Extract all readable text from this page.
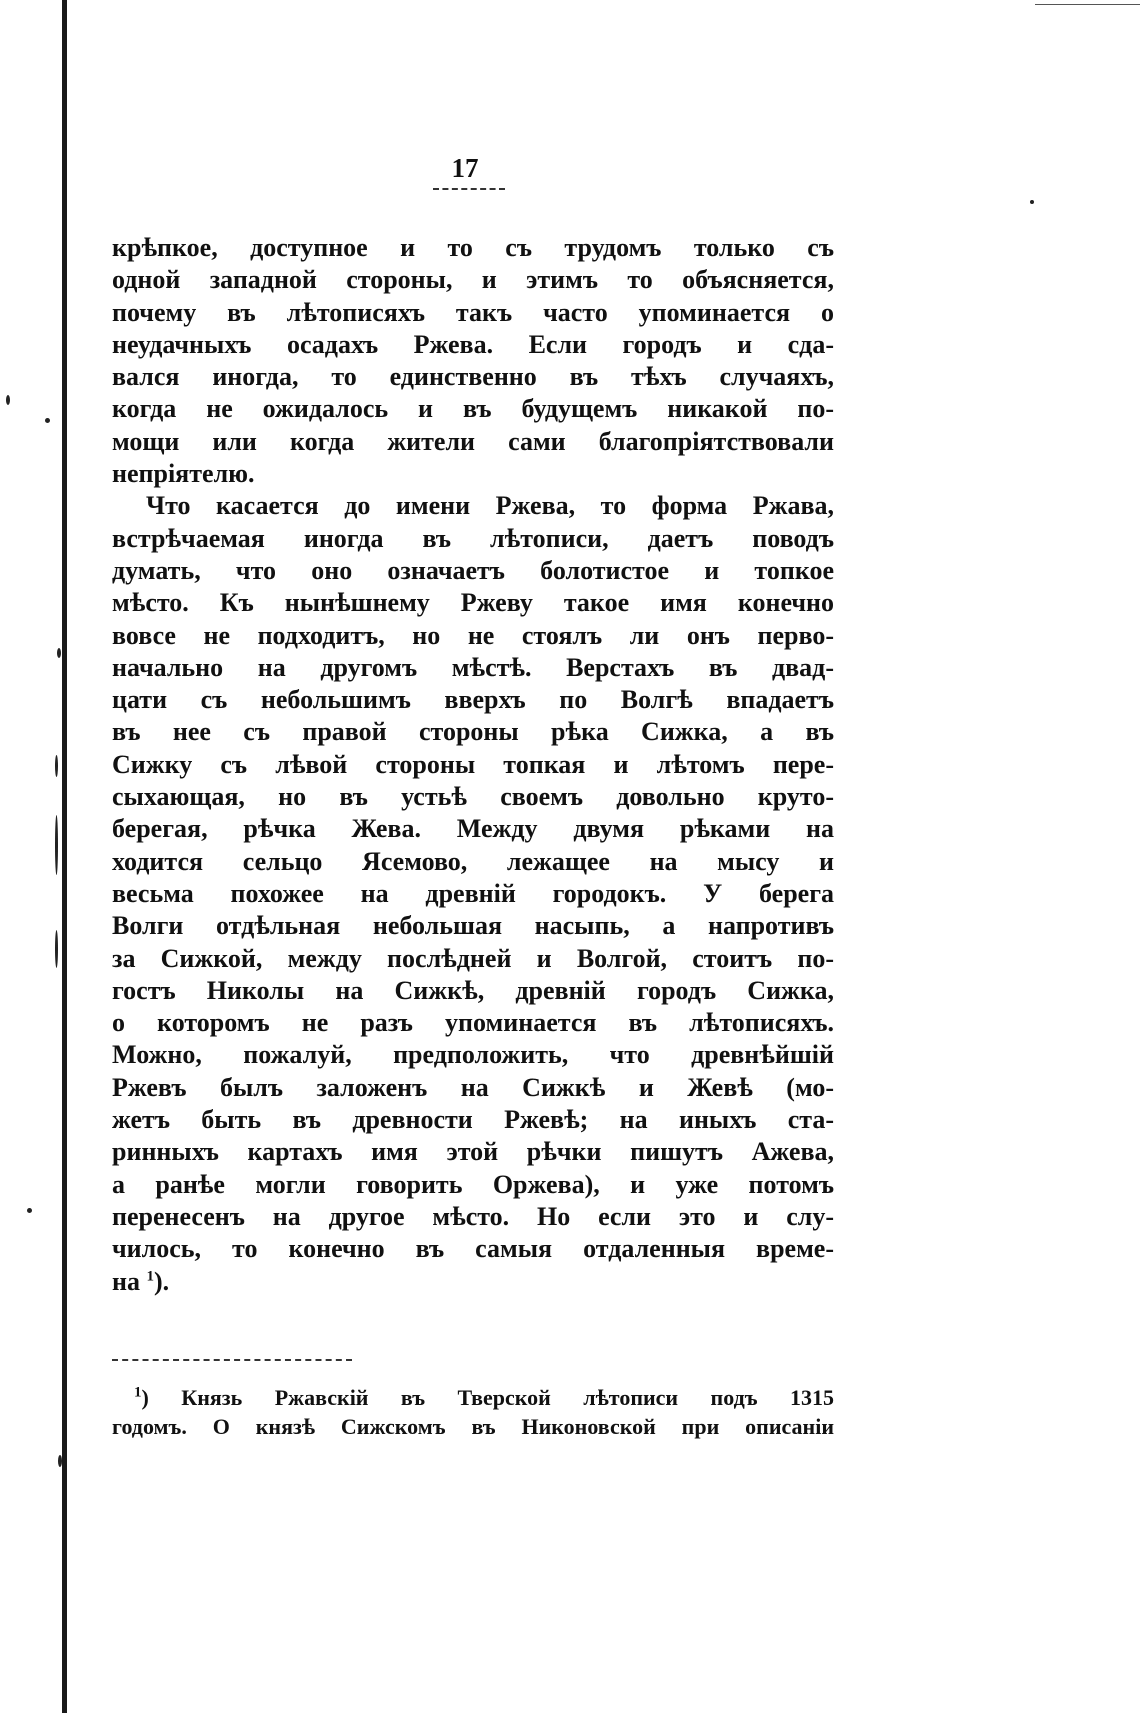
17

крѣпкое, доступное и то съ трудомъ только съ
одной западной стороны, и этимъ то объясняется,
почему въ лѣтописяхъ такъ часто упоминается о
неудачныхъ осадахъ Ржева. Если городъ и сда-
вался иногда, то единственно въ тѣхъ случаяхъ,
когда не ожидалось и въ будущемъ никакой по-
мощи или когда жители сами благопріятствовали
непріятелю.

Что касается до имени Ржева, то форма Ржава,
встрѣчаемая иногда въ лѣтописи, даетъ поводъ
думать, что оно означаетъ болотистое и топкое
мѣсто. Къ нынѣшнему Ржеву такое имя конечно
вовсе не подходитъ, но не стоялъ ли онъ перво-
начально на другомъ мѣстѣ. Верстахъ въ двад-
цати съ небольшимъ вверхъ по Волгѣ впадаетъ
въ нее съ правой стороны рѣка Сижка, а въ
Сижку съ лѣвой стороны топкая и лѣтомъ пере-
сыхающая, но въ устьѣ своемъ довольно круто-
берегая, рѣчка Жева. Между двумя рѣками на
ходится сельцо Ясемово, лежащее на мысу и
весьма похожее на древній городокъ. У берега
Волги отдѣльная небольшая насыпь, а напротивъ
за Сижкой, между послѣдней и Волгой, стоитъ по-
гостъ Николы на Сижкѣ, древній городъ Сижка,
о которомъ не разъ упоминается въ лѣтописяхъ.
Можно, пожалуй, предположить, что древнѣйшій
Ржевъ былъ заложенъ на Сижкѣ и Жевѣ (мо-
жетъ быть въ древности Ржевѣ; на иныхъ ста-
ринныхъ картахъ имя этой рѣчки пишутъ Ажева,
а ранѣе могли говорить Оржева), и уже потомъ
перенесенъ на другое мѣсто. Но если это и слу-
чилось, то конечно въ самыя отдаленныя време-
на $^1$).

$^1$) Князь Ржавскій въ Тверской лѣтописи подъ 1315
годомъ. О князѣ Сижскомъ въ Никоновской при описаніи
